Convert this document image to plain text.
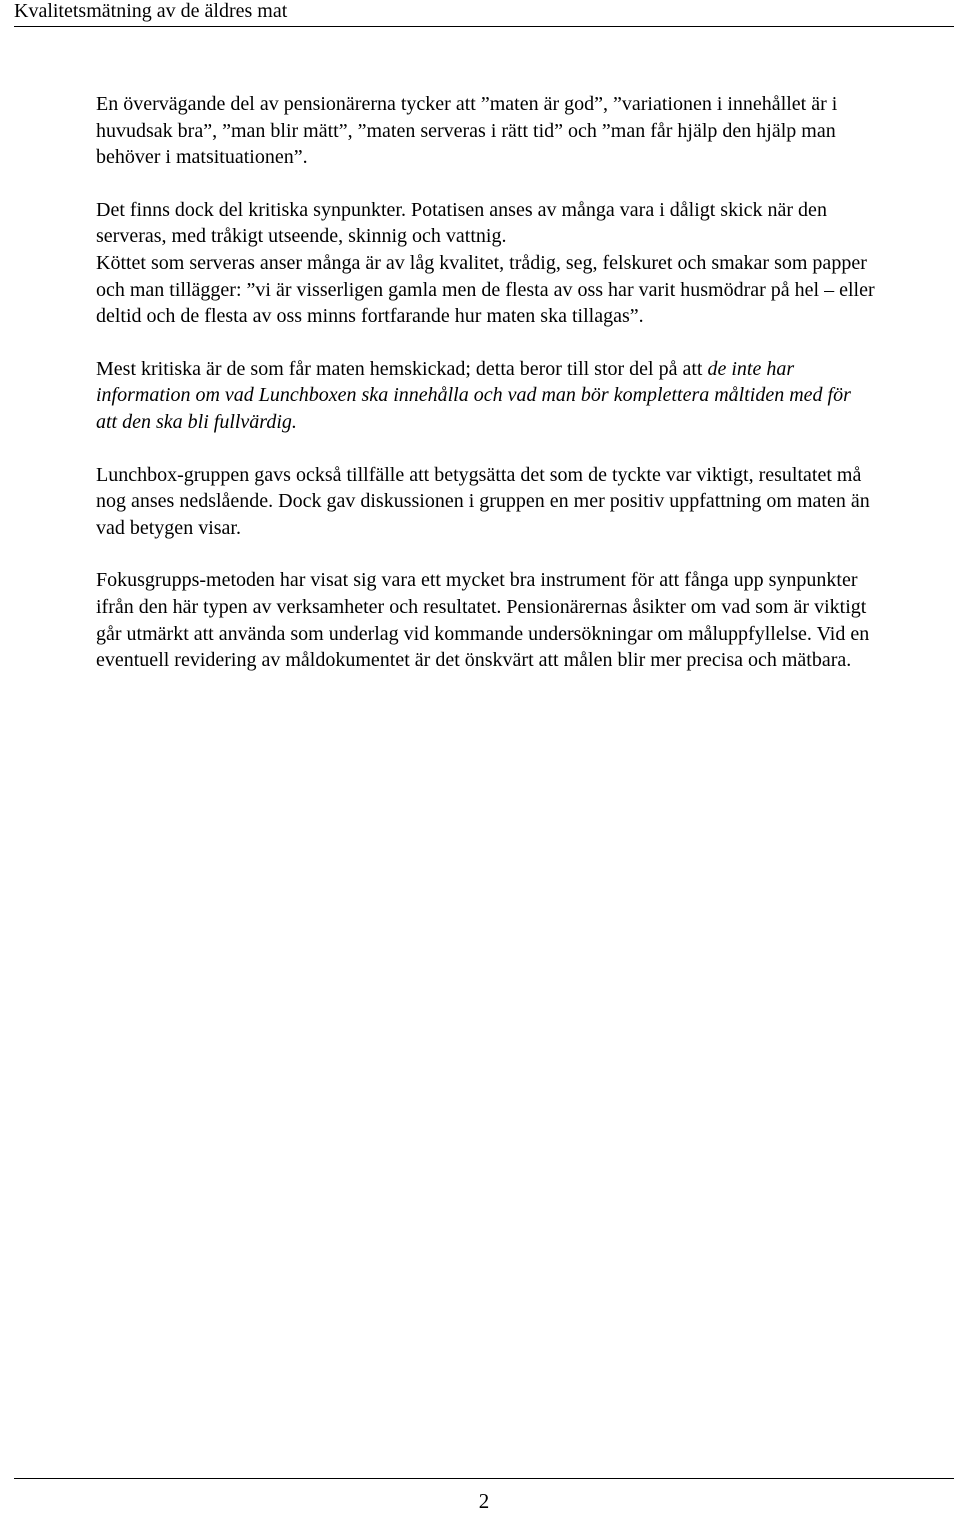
Kvalitetsmätning av de äldres mat

En övervägande del av pensionärerna tycker att ”maten är god”, ”variationen i innehållet är i huvudsak bra”, ”man blir mätt”, ”maten serveras i rätt tid” och ”man får hjälp den hjälp man behöver i matsituationen”.

Det finns dock del kritiska synpunkter. Potatisen anses av många vara i dåligt skick när den serveras, med tråkigt utseende, skinnig och vattnig.

Köttet som serveras anser många är av låg kvalitet, trådig, seg, felskuret och smakar som papper och man tillägger: ”vi är visserligen gamla men de flesta av oss har varit husmödrar på hel – eller deltid och de flesta av oss minns fortfarande hur maten ska tillagas”.

Mest kritiska är de som får maten hemskickad; detta beror till stor del på att de inte har information om vad Lunchboxen ska innehålla och vad man bör komplettera måltiden med för att den ska bli fullvärdig.

Lunchbox-gruppen gavs också tillfälle att betygsätta det som de tyckte var viktigt, resultatet må nog anses nedslående. Dock gav diskussionen i gruppen en mer positiv uppfattning om maten än vad betygen visar.

Fokusgrupps-metoden har visat sig vara ett mycket bra instrument för att fånga upp synpunkter ifrån den här typen av verksamheter och resultatet. Pensionärernas åsikter om vad som är viktigt går utmärkt att använda som underlag vid kommande undersökningar om måluppfyllelse. Vid en eventuell revidering av måldokumentet är det önskvärt att målen blir mer precisa och mätbara.

2
